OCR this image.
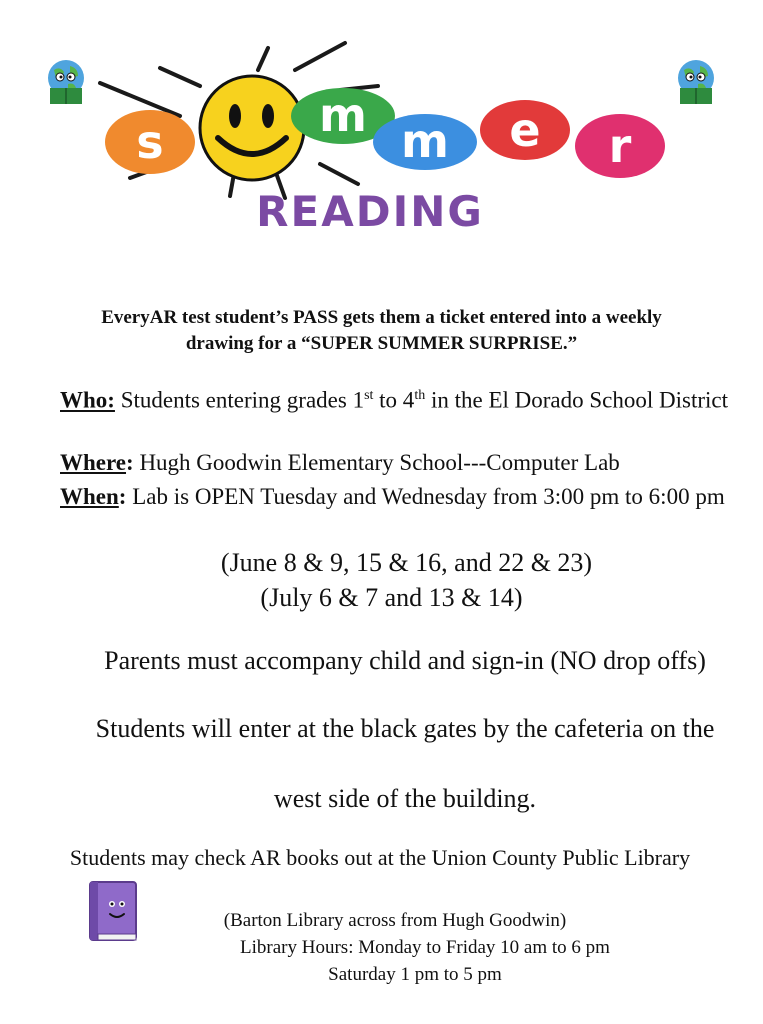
s	m m e r
READING
EveryAR test student’s PASS gets them a ticket entered into a weekly
drawing for a “SUPER SUMMER SURPRISE.”
Who: Students entering grades 1st to 4th in the El Dorado School District
Where: Hugh Goodwin Elementary School---Computer Lab
When: Lab is OPEN Tuesday and Wednesday from 3:00 pm to 6:00 pm
(June 8 & 9, 15 & 16, and 22 & 23)
(July 6 & 7 and 13 & 14)
Parents must accompany child and sign-in (NO drop offs)
Students will enter at the black gates by the cafeteria on the
west side of the building.
Students may check AR books out at the Union County Public Library
(Barton Library across from Hugh Goodwin)
Library Hours: Monday to Friday 10 am to 6 pm
Saturday 1 pm to 5 pm
